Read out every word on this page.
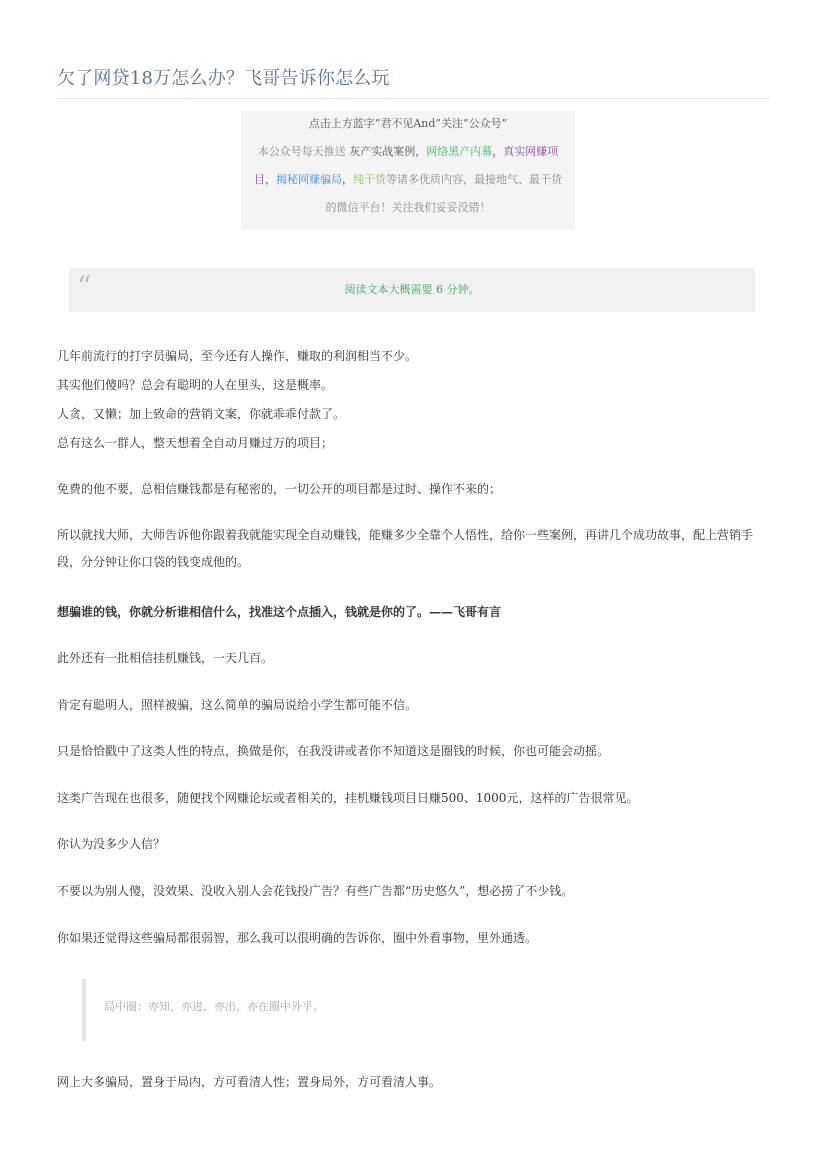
欠了网贷18万怎么办？飞哥告诉你怎么玩
点击上方蓝字“君不见And”关注“公众号”
本公众号每天推送 灰产实战案例，网络黑产内幕，真实网赚项目，揭秘网赚骗局，纯干货等诸多优质内容，最接地气、最干货的微信平台！关注我们妥妥没错！
“	阅读文本大概需要 6 分钟。
几年前流行的打字员骗局，至今还有人操作，赚取的利润相当不少。
其实他们傻吗？总会有聪明的人在里头，这是概率。
人贪，又懒；加上致命的营销文案，你就乖乖付款了。
总有这么一群人，整天想着全自动月赚过万的项目；
免费的他不要，总相信赚钱都是有秘密的，一切公开的项目都是过时、操作不来的；
所以就找大师，大师告诉他你跟着我就能实现全自动赚钱，能赚多少全靠个人悟性，给你一些案例，再讲几个成功故事，配上营销手段，分分钟让你口袋的钱变成他的。
想骗谁的钱，你就分析谁相信什么，找准这个点插入，钱就是你的了。——飞哥有言
此外还有一批相信挂机赚钱，一天几百。
肯定有聪明人，照样被骗，这么简单的骗局说给小学生都可能不信。
只是恰恰戳中了这类人性的特点，换做是你，在我没讲或者你不知道这是圈钱的时候，你也可能会动摇。
这类广告现在也很多，随便找个网赚论坛或者相关的，挂机赚钱项目日赚500、1000元，这样的广告很常见。
你认为没多少人信？
不要以为别人傻，没效果、没收入别人会花钱投广告？有些广告都“历史悠久”，想必捞了不少钱。
你如果还觉得这些骗局都很弱智，那么我可以很明确的告诉你，圈中外看事物，里外通透。
局中圈：亦知，亦进，亦出，亦在圈中外乎。
网上大多骗局，置身于局内，方可看清人性；置身局外，方可看清人事。
